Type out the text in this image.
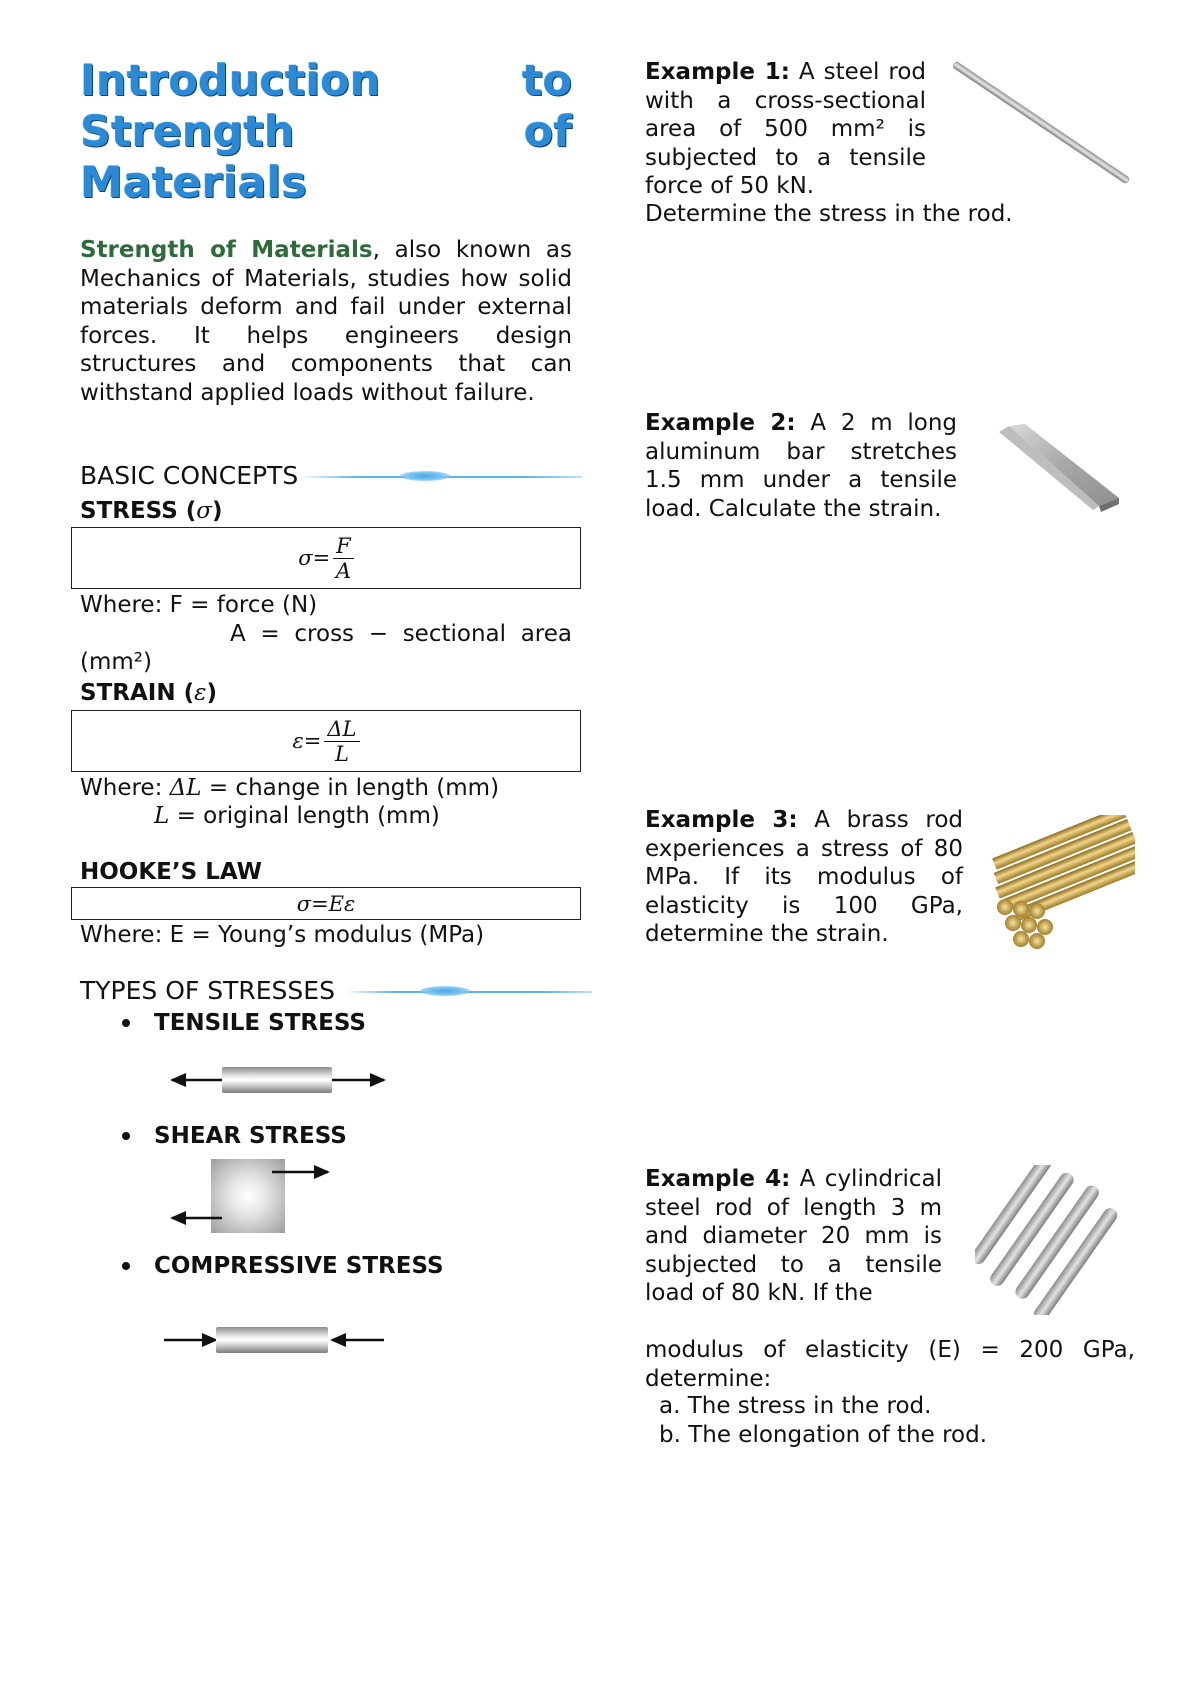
Introduction	to
Strength	of
Materials
Strength of Materials, also known as Mechanics of Materials, studies how solid materials deform and fail under external forces. It helps engineers design structures and components that can withstand applied loads without failure.
BASIC CONCEPTS
STRESS (σ)
$\sigma= \frac{F}{A}$
Where: F = force (N)
A = cross − sectional area
(mm²)
STRAIN (ε)
$\varepsilon= \frac{\Delta L}{L}$
Where: ΔL = change in length (mm)
L = original length (mm)
HOOKE’S LAW
σ=Eε
Where: E = Young’s modulus (MPa)
TYPES OF STRESSES
TENSILE STRESS
SHEAR STRESS
COMPRESSIVE STRESS
Example 1: A steel rod with a cross-sectional area of 500 mm² is subjected to a tensile force of 50 kN.
Determine the stress in the rod.
Example 2: A 2 m long aluminum bar stretches 1.5 mm under a tensile load. Calculate the strain.
Example 3: A brass rod experiences a stress of 80 MPa. If its modulus of elasticity is 100 GPa, determine the strain.
Example 4: A cylindrical steel rod of length 3 m and diameter 20 mm is subjected to a tensile load of 80 kN. If the
modulus of elasticity (E) = 200 GPa, determine:
a. The stress in the rod.
b. The elongation of the rod.
